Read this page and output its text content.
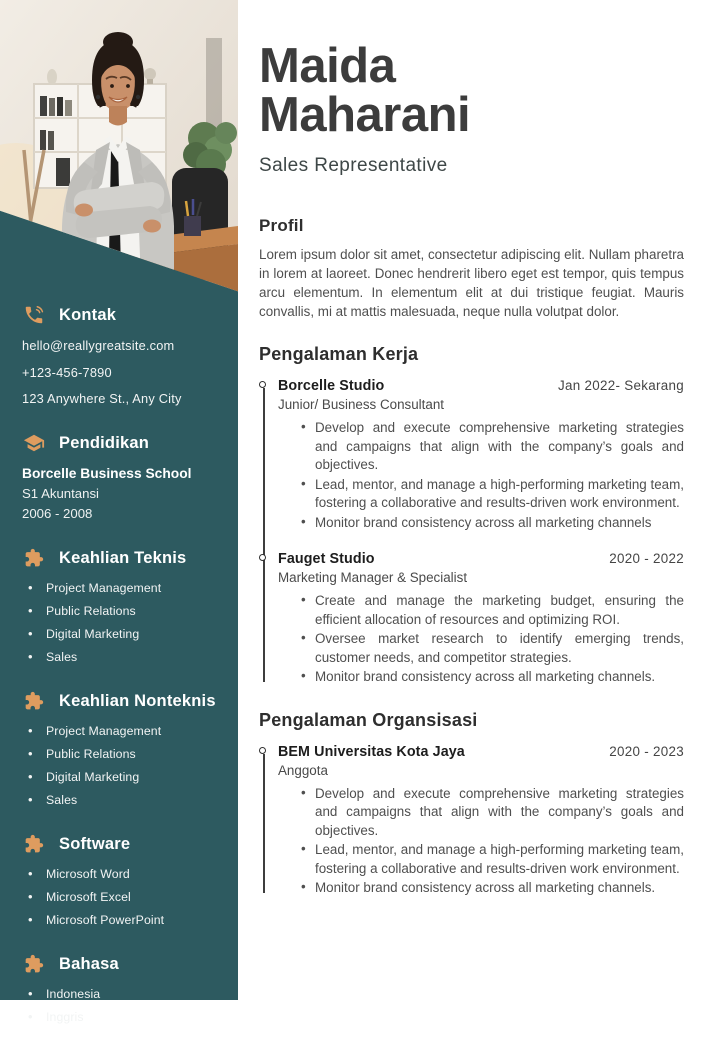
Kontak

hello@reallygreatsite.com

+123-456-7890

123 Anywhere St., Any City

Pendidikan

Borcelle Business School

S1 Akuntansi

2006 - 2008

Keahlian Teknis
• Project Management
• Public Relations
• Digital Marketing
• Sales
Keahlian Nonteknis
• Project Management
• Public Relations
• Digital Marketing
• Sales
Software
• Microsoft Word
• Microsoft Excel
• Microsoft PowerPoint
Bahasa
• Indonesia
• Inggris
Maida Maharani

Sales Representative

Profil

Lorem ipsum dolor sit amet, consectetur adipiscing elit. Nullam pharetra in lorem at laoreet. Donec hendrerit libero eget est tempor, quis tempus arcu elementum. In elementum elit at dui tristique feugiat. Mauris convallis, mi at mattis malesuada, neque nulla volutpat dolor.

Pengalaman Kerja
Borcelle Studio	Jan 2022- Sekarang

Junior/ Business Consultant

• Develop and execute comprehensive marketing strategies and campaigns that align with the company’s goals and objectives.
• Lead, mentor, and manage a high-performing marketing team, fostering a collaborative and results-driven work environment.
• Monitor brand consistency across all marketing channels
Fauget Studio	2020 - 2022

Marketing Manager & Specialist

• Create and manage the marketing budget, ensuring the efficient allocation of resources and optimizing ROI.
• Oversee market research to identify emerging trends, customer needs, and competitor strategies.
• Monitor brand consistency across all marketing channels.
Pengalaman Organsisasi
BEM Universitas Kota Jaya	2020 - 2023

Anggota

• Develop and execute comprehensive marketing strategies and campaigns that align with the company’s goals and objectives.
• Lead, mentor, and manage a high-performing marketing team, fostering a collaborative and results-driven work environment.
• Monitor brand consistency across all marketing channels.
